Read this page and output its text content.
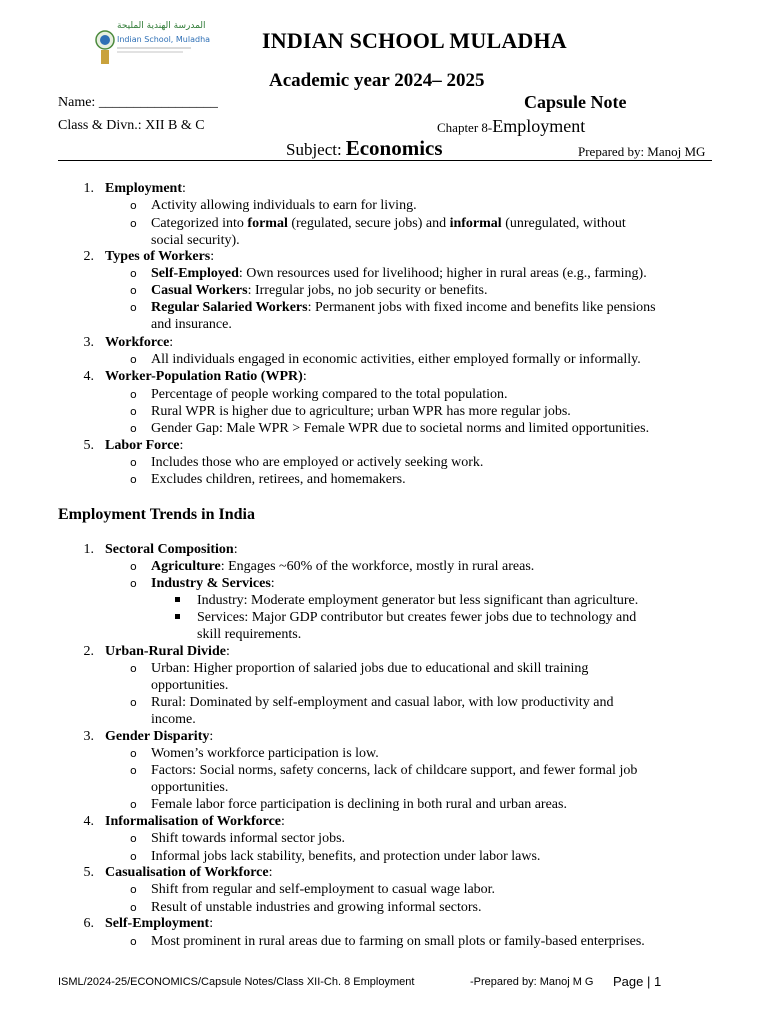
المدرسة الهندية المليحة
Indian School, Muladha INDIAN SCHOOL MULADHA
Academic year 2024– 2025
Name: _________________	Capsule Note
Class & Divn.: XII B & C	Chapter 8-Employment
Subject: Economics	Prepared by: Manoj MG
1. Employment:
o Activity allowing individuals to earn for living.
o Categorized into formal (regulated, secure jobs) and informal (unregulated, without
social security).
2. Types of Workers:
o Self-Employed: Own resources used for livelihood; higher in rural areas (e.g., farming).
o Casual Workers: Irregular jobs, no job security or benefits.
o Regular Salaried Workers: Permanent jobs with fixed income and benefits like pensions
and insurance.
3. Workforce:
o All individuals engaged in economic activities, either employed formally or informally.
4. Worker-Population Ratio (WPR):
o Percentage of people working compared to the total population.
o Rural WPR is higher due to agriculture; urban WPR has more regular jobs.
o Gender Gap: Male WPR > Female WPR due to societal norms and limited opportunities.
5. Labor Force:
o Includes those who are employed or actively seeking work.
o Excludes children, retirees, and homemakers.
Employment Trends in India
1. Sectoral Composition:
o Agriculture: Engages ~60% of the workforce, mostly in rural areas.
o Industry & Services:
Industry: Moderate employment generator but less significant than agriculture.
Services: Major GDP contributor but creates fewer jobs due to technology and
skill requirements.
2. Urban-Rural Divide:
o Urban: Higher proportion of salaried jobs due to educational and skill training
opportunities.
o Rural: Dominated by self-employment and casual labor, with low productivity and
income.
3. Gender Disparity:
o Women’s workforce participation is low.
o Factors: Social norms, safety concerns, lack of childcare support, and fewer formal job
opportunities.
o Female labor force participation is declining in both rural and urban areas.
4. Informalisation of Workforce:
o Shift towards informal sector jobs.
o Informal jobs lack stability, benefits, and protection under labor laws.
5. Casualisation of Workforce:
o Shift from regular and self-employment to casual wage labor.
o Result of unstable industries and growing informal sectors.
6. Self-Employment:
o Most prominent in rural areas due to farming on small plots or family-based enterprises.
ISML/2024-25/ECONOMICS/Capsule Notes/Class XII-Ch. 8 Employment	-Prepared by: Manoj M G Page | 1
